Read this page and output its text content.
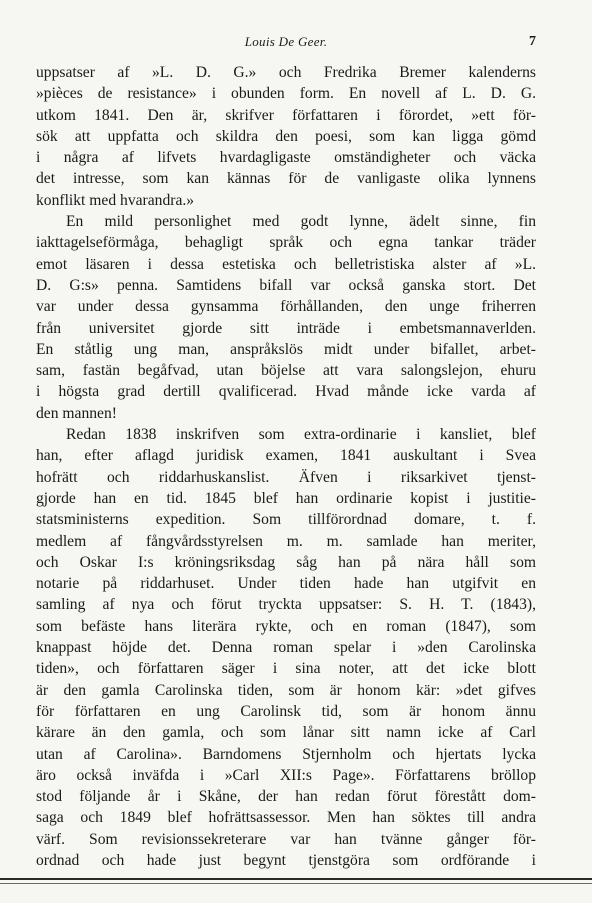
Louis De Geer.	7
uppsatser af »L. D. G.» och Fredrika Bremer kalenderns
»pièces de resistance» i obunden form. En novell af L. D. G.
utkom 1841. Den är, skrifver författaren i förordet, »ett för-
sök att uppfatta och skildra den poesi, som kan ligga gömd
i några af lifvets hvardagligaste omständigheter och väcka
det intresse, som kan kännas för de vanligaste olika lynnens
konflikt med hvarandra.»
En mild personlighet med godt lynne, ädelt sinne, fin
iakttagelseförmåga, behagligt språk och egna tankar träder
emot läsaren i dessa estetiska och belletristiska alster af »L.
D. G:s» penna. Samtidens bifall var också ganska stort. Det
var under dessa gynsamma förhållanden, den unge friherren
från universitet gjorde sitt inträde i embetsmannaverlden.
En ståtlig ung man, anspråkslös midt under bifallet, arbet-
sam, fastän begåfvad, utan böjelse att vara salongslejon, ehuru
i högsta grad dertill qvalificerad. Hvad månde icke varda af
den mannen!
Redan 1838 inskrifven som extra-ordinarie i kansliet, blef
han, efter aflagd juridisk examen, 1841 auskultant i Svea
hofrätt och riddarhuskanslist. Äfven i riksarkivet tjenst-
gjorde han en tid. 1845 blef han ordinarie kopist i justitie-
statsministerns expedition. Som tillförordnad domare, t. f.
medlem af fångvårdsstyrelsen m. m. samlade han meriter,
och Oskar I:s kröningsriksdag såg han på nära håll som
notarie på riddarhuset. Under tiden hade han utgifvit en
samling af nya och förut tryckta uppsatser: S. H. T. (1843),
som befäste hans literära rykte, och en roman (1847), som
knappast höjde det. Denna roman spelar i »den Carolinska
tiden», och författaren säger i sina noter, att det icke blott
är den gamla Carolinska tiden, som är honom kär: »det gifves
för författaren en ung Carolinsk tid, som är honom ännu
kärare än den gamla, och som lånar sitt namn icke af Carl
utan af Carolina». Barndomens Stjernholm och hjertats lycka
äro också inväfda i »Carl XII:s Page». Författarens bröllop
stod följande år i Skåne, der han redan förut förestått dom-
saga och 1849 blef hofrättsassessor. Men han söktes till andra
värf. Som revisionssekreterare var han tvänne gånger för-
ordnad och hade just begynt tjenstgöra som ordförande i
